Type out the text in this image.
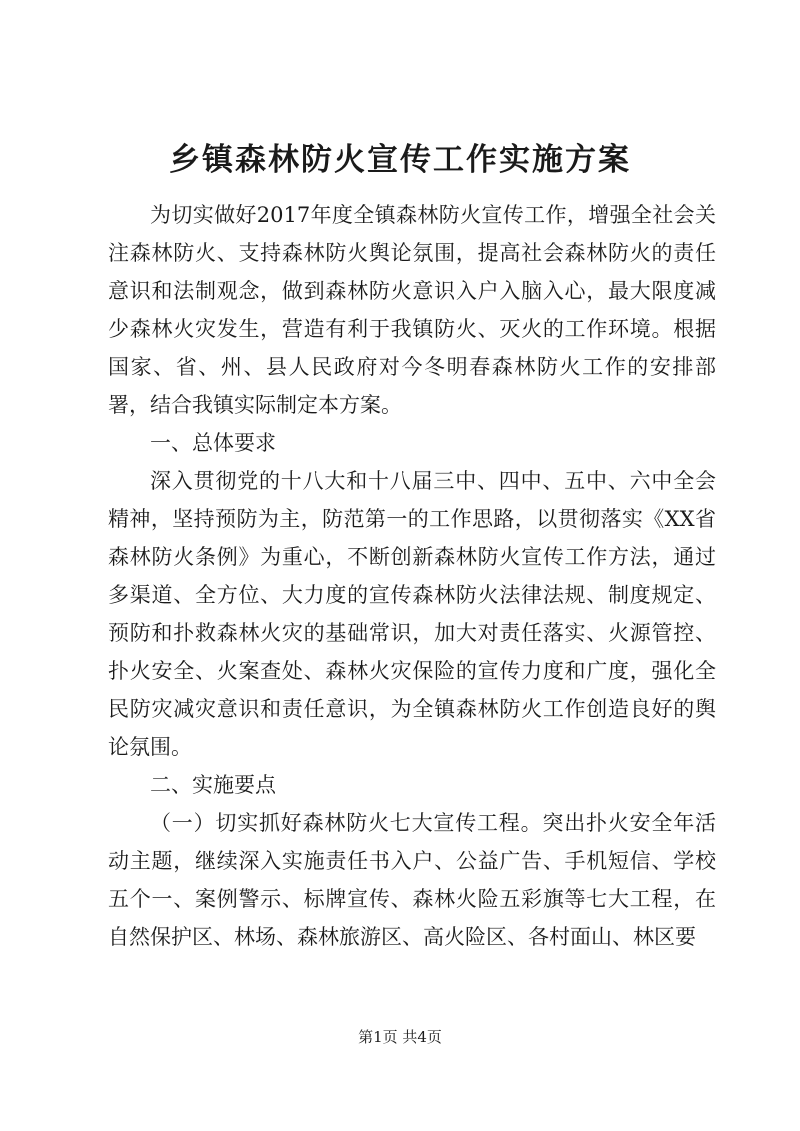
乡镇森林防火宣传工作实施方案

为切实做好2017年度全镇森林防火宣传工作，增强全社会关注森林防火、支持森林防火舆论氛围，提高社会森林防火的责任意识和法制观念，做到森林防火意识入户入脑入心，最大限度减少森林火灾发生，营造有利于我镇防火、灭火的工作环境。根据国家、省、州、县人民政府对今冬明春森林防火工作的安排部署，结合我镇实际制定本方案。

一、总体要求

深入贯彻党的十八大和十八届三中、四中、五中、六中全会精神，坚持预防为主，防范第一的工作思路，以贯彻落实《XX省森林防火条例》为重心，不断创新森林防火宣传工作方法，通过多渠道、全方位、大力度的宣传森林防火法律法规、制度规定、预防和扑救森林火灾的基础常识，加大对责任落实、火源管控、扑火安全、火案查处、森林火灾保险的宣传力度和广度，强化全民防灾减灾意识和责任意识，为全镇森林防火工作创造良好的舆论氛围。

二、实施要点

（一）切实抓好森林防火七大宣传工程。突出扑火安全年活动主题，继续深入实施责任书入户、公益广告、手机短信、学校五个一、案例警示、标牌宣传、森林火险五彩旗等七大工程，在自然保护区、林场、森林旅游区、高火险区、各村面山、林区要

第1页 共4页
